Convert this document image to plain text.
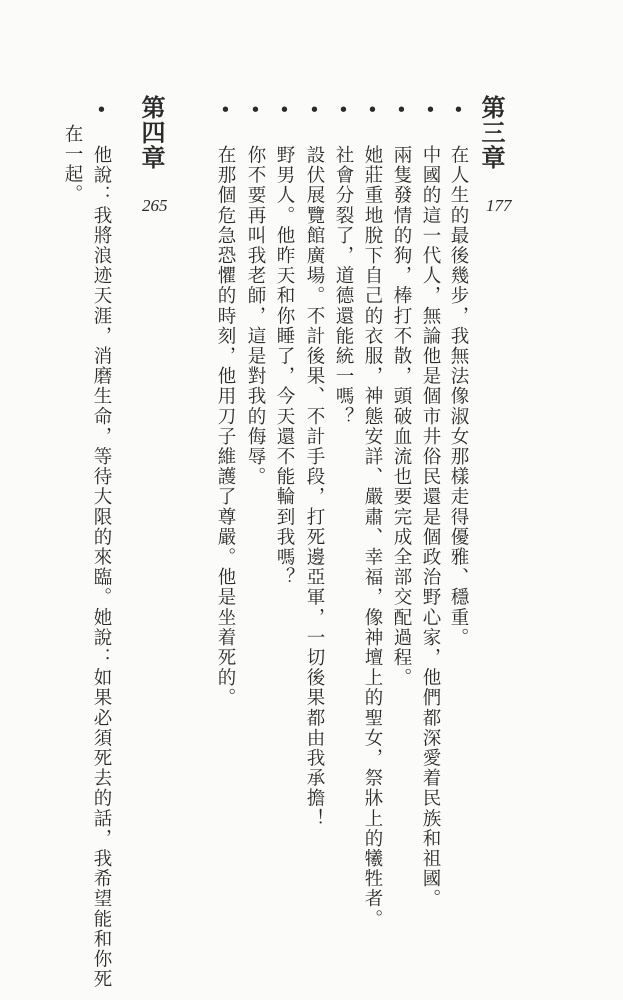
第三章
177
• 在人生的最後幾步，我無法像淑女那樣走得優雅、穩重。
• 中國的這一代人，無論他是個市井俗民還是個政治野心家，他們都深愛着民族和祖國。
• 兩隻發情的狗，棒打不散，頭破血流也要完成全部交配過程。
• 她莊重地脫下自己的衣服，神態安詳、嚴肅、幸福，像神壇上的聖女，祭牀上的犧牲者。
• 社會分裂了，道德還能統一嗎？
• 設伏展覽館廣場。不計後果、不計手段，打死邊亞軍，一切後果都由我承擔！
• 野男人。他昨天和你睡了，今天還不能輪到我嗎？
• 你不要再叫我老師，這是對我的侮辱。
• 在那個危急恐懼的時刻，他用刀子維護了尊嚴。他是坐着死的。
第四章
265
• 他說：我將浪迹天涯，消磨生命，等待大限的來臨。她說：如果必須死去的話，我希望能和你死
在一起。
